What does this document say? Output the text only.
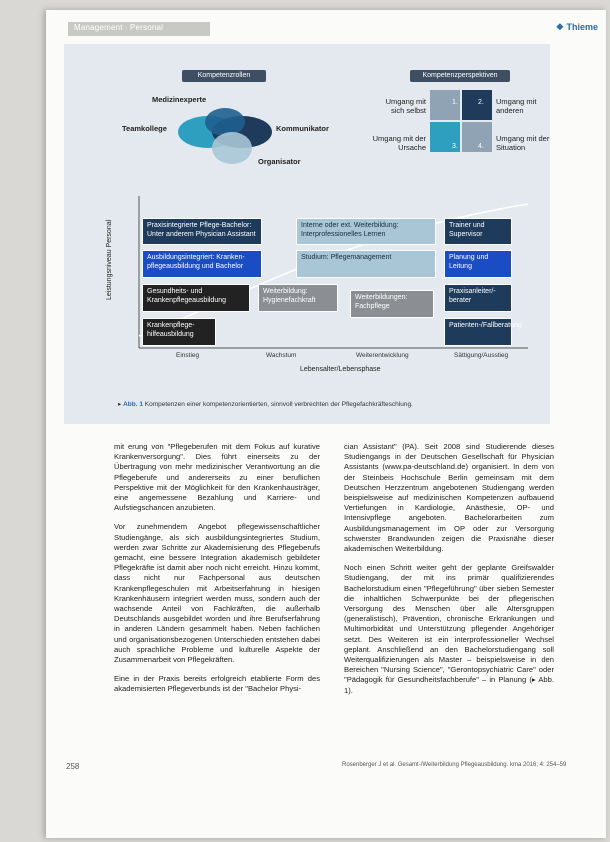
Management ∙ Personal	❖ Thieme
Kompetenzrollen
Medizinexperte
Teamkollege	Kommunikator
Organisator
Kompetenzperspektiven
1.	2.
3.	4.
Umgang mit sich selbst
Umgang mit anderen
Umgang mit der Ursache
Umgang mit der Situation
Leistungsniveau Personal
Einstieg	Wachstum	Weiterentwicklung	Sättigung/Ausstieg
Lebensalter/Lebensphase
Praxisintegrierte Pflege-Bachelor: Unter anderem Physician Assistant
Interne oder ext. Weiterbildung: Interprofessionelles Lernen
Trainer und Supervisor
Ausbildungsintegriert: Kranken-pflegeausbildung und Bachelor
Studium: Pflegemanagement	Planung und Leitung
Gesundheits- und Krankenpflegeausbildung
Weiterbildung: Hygienefachkraft	Weiterbildungen: Fachpflege
Praxisanleiter/-berater
Krankenpflege-hilfeausbildung
Patienten-/Fallberatung
▸ Abb. 1 Kompetenzen einer kompetenzorientierten, sinnvoll verbrechten der Pflegefachkräfteschlung.

mit erung von "Pflegeberufen mit dem Fokus auf kurative Krankenversorgung". Dies führt einerseits zu der Übertragung von mehr medizinischer Verantwortung an die Pflegeberufe und andererseits zu einer beruflichen Perspektive mit der Möglichkeit für den Krankenhausträger, eine angemessene Bezahlung und Karriere- und Aufstiegschancen anzubieten.

Vor zunehmendem Angebot pflegewissenschaftlicher Studiengänge, als sich ausbildungsintegriertes Studium, werden zwar Schritte zur Akademisierung des Pflegeberufs gemacht, eine bessere Integration akademisch gebildeter Pflegekräfte ist damit aber noch nicht erreicht. Hinzu kommt, dass nicht nur Fachpersonal aus deutschen Krankenpflegeschulen mit Arbeitserfahrung in hiesigen Krankenhäusern integriert werden muss, sondern auch der wachsende Anteil von Fachkräften, die außerhalb Deutschlands ausgebildet worden und ihre Berufserfahrung in anderen Ländern gesammelt haben. Neben fachlichen und organisationsbezogenen Unterschieden entstehen dabei auch sprachliche Probleme und kulturelle Aspekte der Zusammenarbeit von Pflegekräften.

Eine in der Praxis bereits erfolgreich etablierte Form des akademisierten Pflegeverbunds ist der "Bachelor Physi-

cian Assistant" (PA). Seit 2008 sind Studierende dieses Studiengangs in der Deutschen Gesellschaft für Physician Assistants (www.pa-deutschland.de) organisiert. In dem von der Steinbeis Hochschule Berlin gemeinsam mit dem Deutschen Herzzentrum angebotenen Studiengang werden beispielsweise auf medizinischen Kompetenzen aufbauend Vertiefungen in Kardiologie, Anästhesie, OP- und Intensivpflege angeboten. Bachelorarbeiten zum Ausbildungsmanagement im OP oder zur Versorgung schwerster Brandwunden zeigen die Praxisnähe dieser akademischen Weiterbildung.

Noch einen Schritt weiter geht der geplante Greifswalder Studiengang, der mit ins primär qualifizierendes Bachelorstudium einen "Pflegeführung" über sieben Semester die inhaltlichen Schwerpunkte bei der pflegerischen Versorgung des Menschen über alle Altersgruppen (generalistisch), Prävention, chronische Erkrankungen und Multimorbidität und Unterstützung pflegender Angehöriger setzt. Des Weiteren ist ein interprofessioneller Wechsel geplant. Anschließend an den Bachelorstudiengang soll Weiterqualifizierungen als Master – beispielsweise in den Bereichen "Nursing Science", "Gerontopsychiatric Care" oder "Pädagogik für Gesundheitsfachberufe" – in Planung (▸ Abb. 1).

258	Rosenberger J et al. Gesamt-/Weiterbildung Pflegeausbildung. kma 2016; 4: 254–59
